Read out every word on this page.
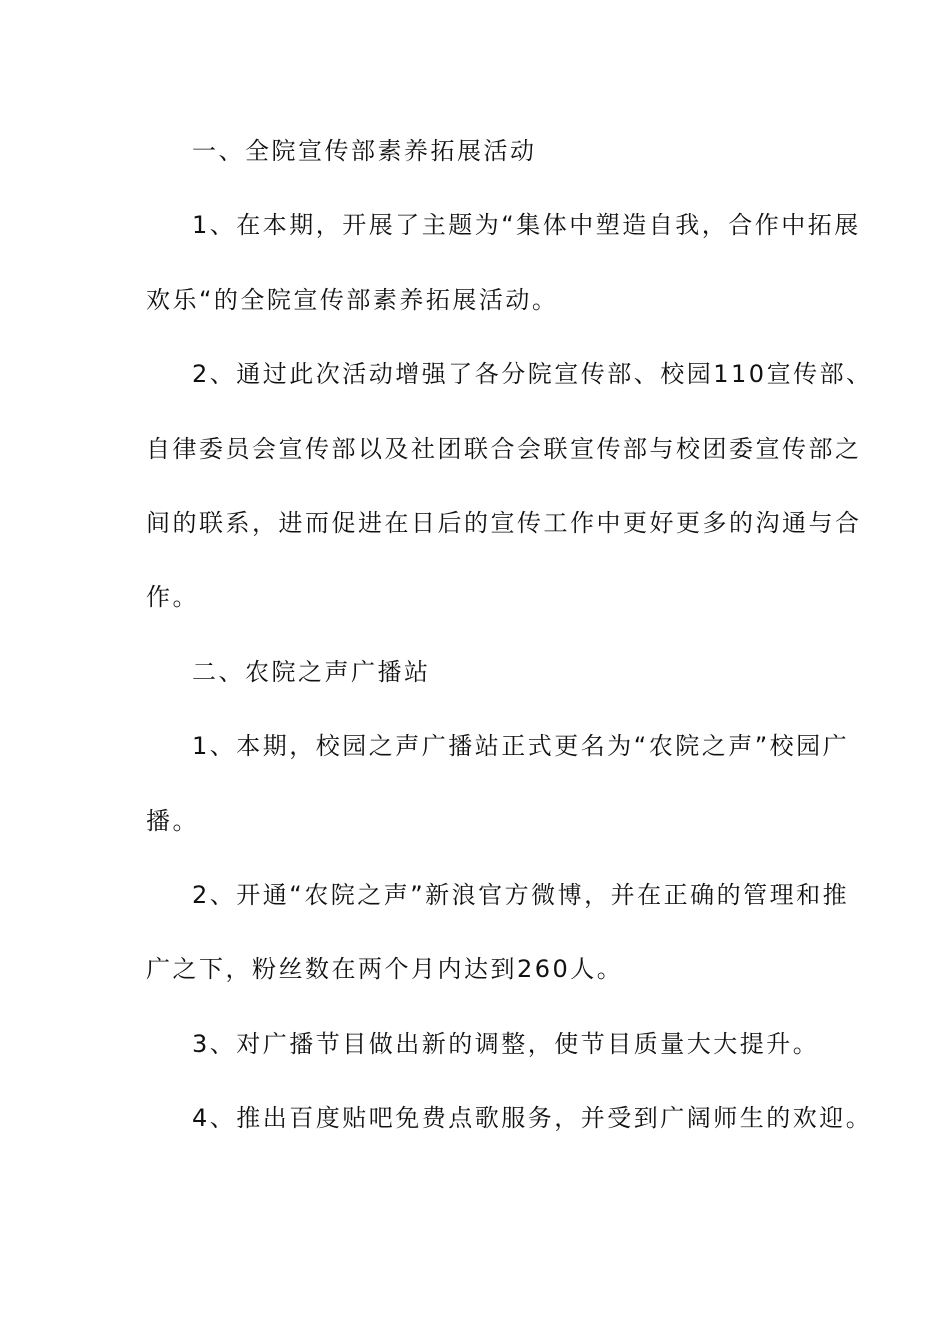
一、全院宣传部素养拓展活动
1、在本期，开展了主题为“集体中塑造自我，合作中拓展
欢乐“的全院宣传部素养拓展活动。
2、通过此次活动增强了各分院宣传部、校园110宣传部、
自律委员会宣传部以及社团联合会联宣传部与校团委宣传部之
间的联系，进而促进在日后的宣传工作中更好更多的沟通与合
作。
二、农院之声广播站
1、本期，校园之声广播站正式更名为“农院之声”校园广
播。
2、开通“农院之声”新浪官方微博，并在正确的管理和推
广之下，粉丝数在两个月内达到260人。
3、对广播节目做出新的调整，使节目质量大大提升。
4、推出百度贴吧免费点歌服务，并受到广阔师生的欢迎。
